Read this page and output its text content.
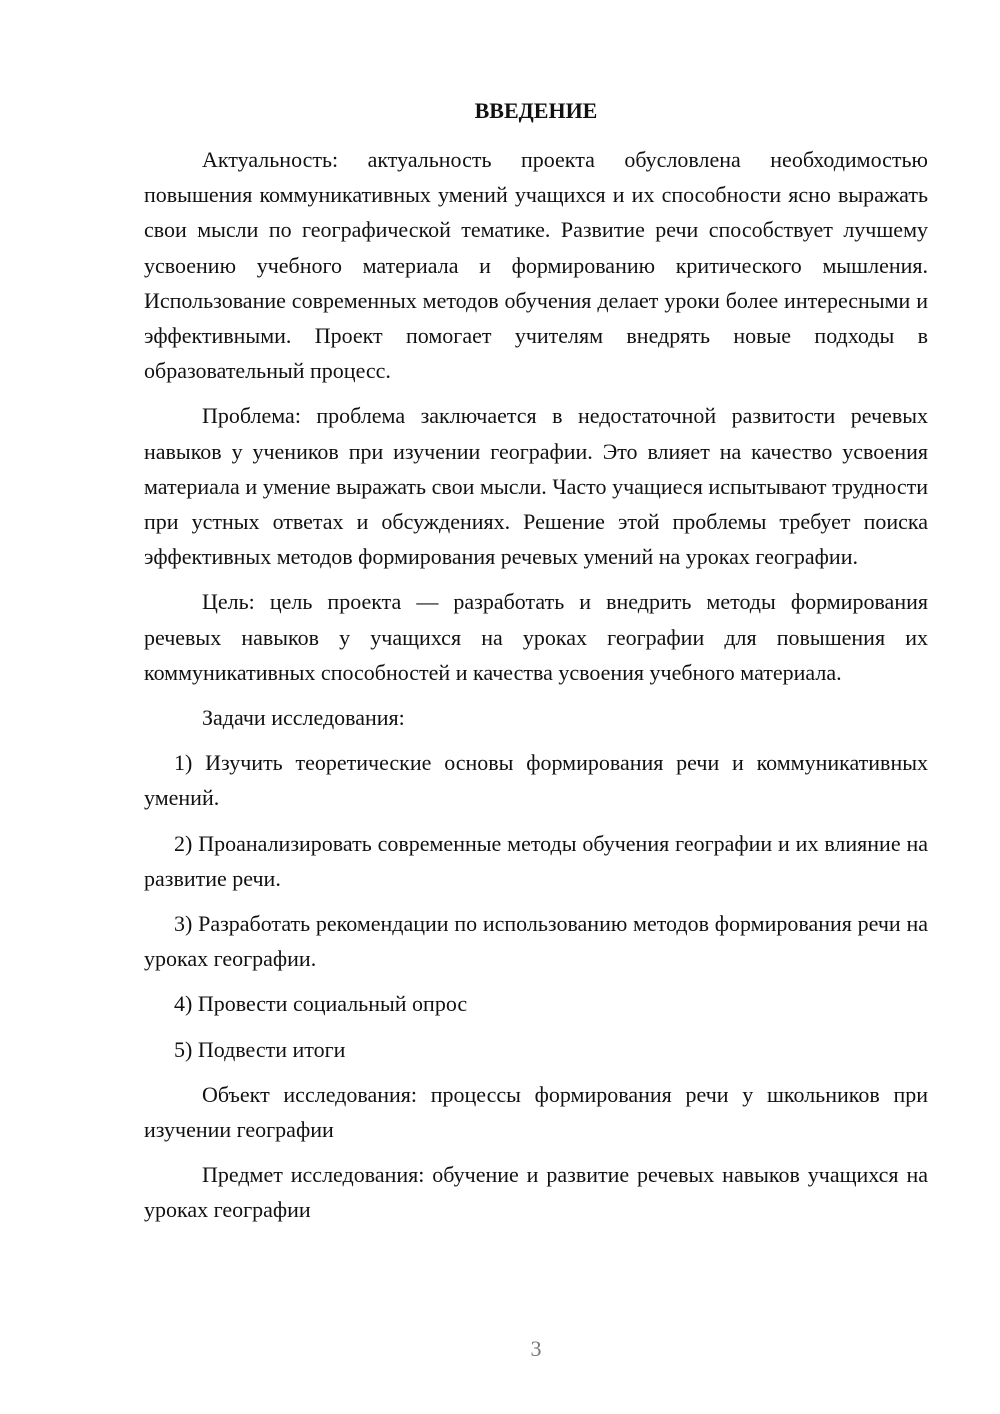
ВВЕДЕНИЕ

Актуальность: актуальность проекта обусловлена необходимостью повышения коммуникативных умений учащихся и их способности ясно выражать свои мысли по географической тематике. Развитие речи способствует лучшему усвоению учебного материала и формированию критического мышления. Использование современных методов обучения делает уроки более интересными и эффективными. Проект помогает учителям внедрять новые подходы в образовательный процесс.

Проблема: проблема заключается в недостаточной развитости речевых навыков у учеников при изучении географии. Это влияет на качество усвоения материала и умение выражать свои мысли. Часто учащиеся испытывают трудности при устных ответах и обсуждениях. Решение этой проблемы требует поиска эффективных методов формирования речевых умений на уроках географии.

Цель: цель проекта — разработать и внедрить методы формирования речевых навыков у учащихся на уроках географии для повышения их коммуникативных способностей и качества усвоения учебного материала.

Задачи исследования:

1) Изучить теоретические основы формирования речи и коммуникативных умений.

2) Проанализировать современные методы обучения географии и их влияние на развитие речи.

3) Разработать рекомендации по использованию методов формирования речи на уроках географии.

4) Провести социальный опрос

5) Подвести итоги

Объект исследования: процессы формирования речи у школьников при изучении географии

Предмет исследования: обучение и развитие речевых навыков учащихся на уроках географии

3
